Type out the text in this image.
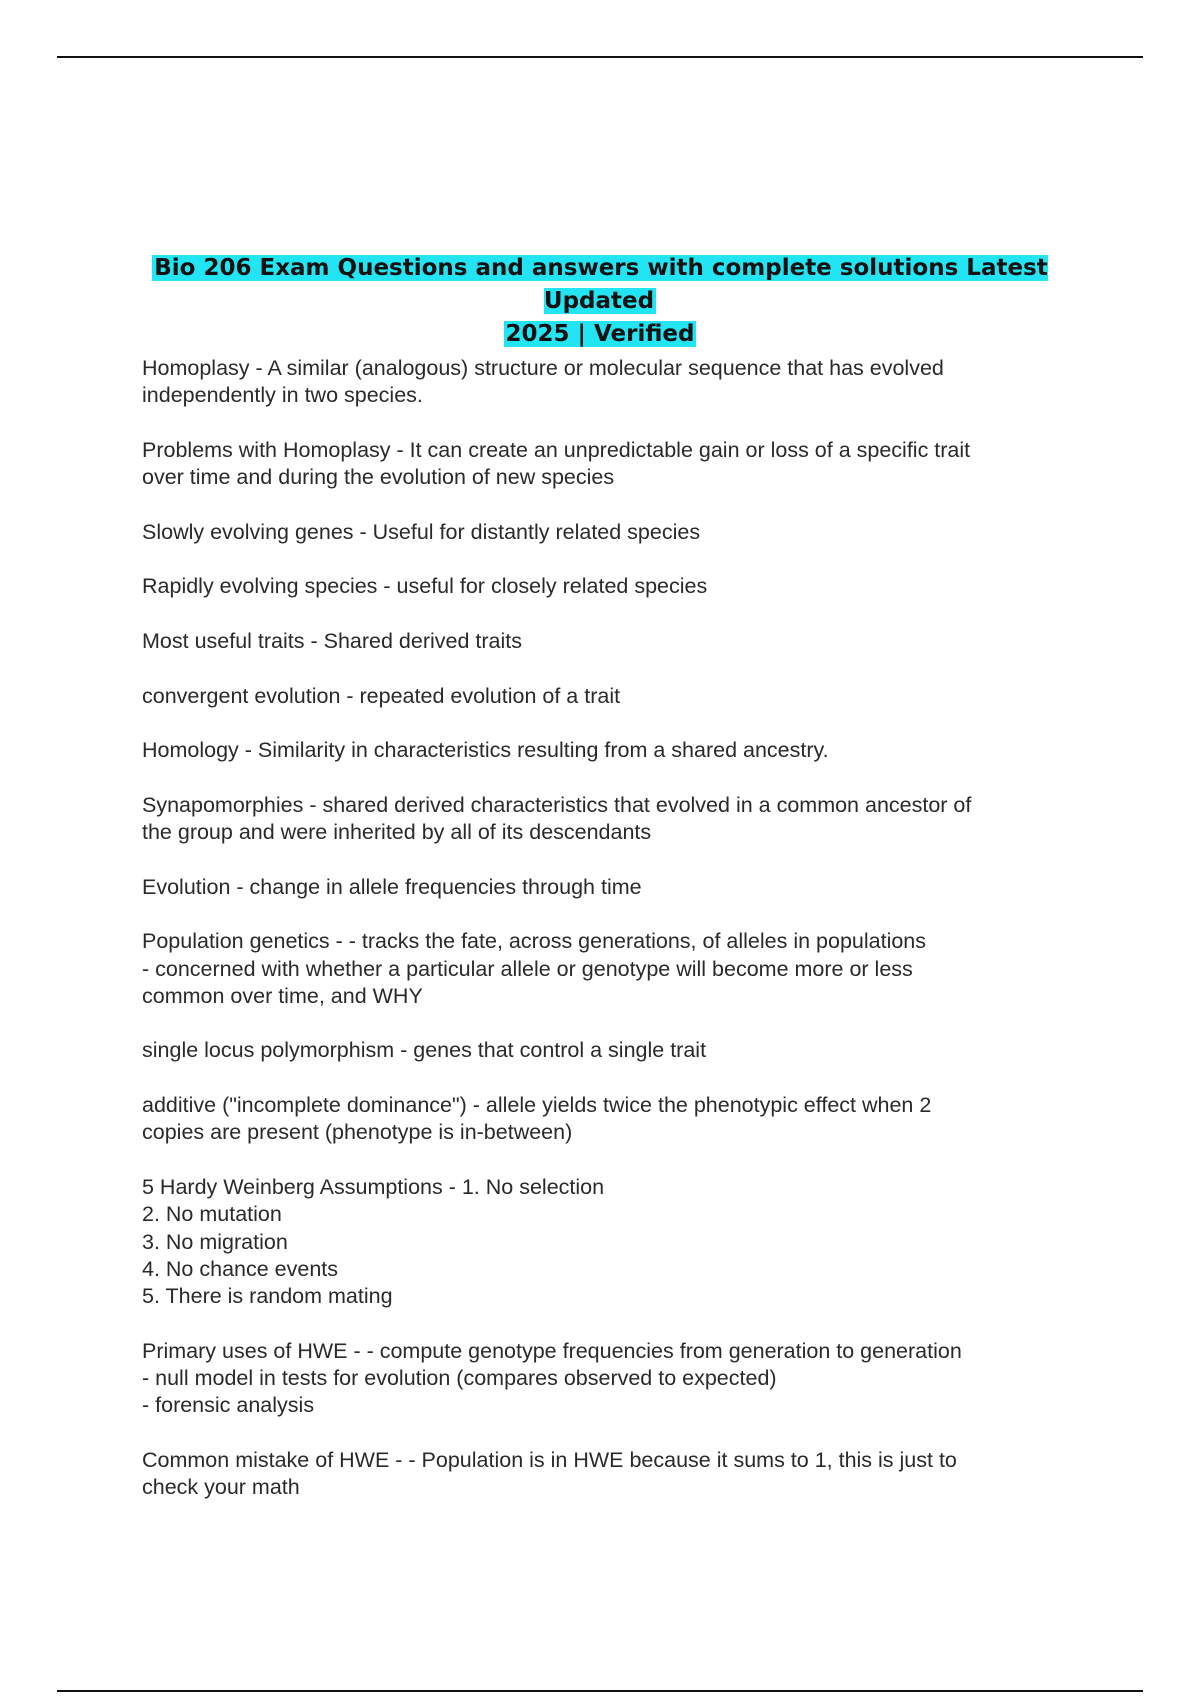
Bio 206 Exam Questions and answers with complete solutions Latest Updated
2025 | Verified
Homoplasy - A similar (analogous) structure or molecular sequence that has evolved
independently in two species.
Problems with Homoplasy - It can create an unpredictable gain or loss of a specific trait
over time and during the evolution of new species
Slowly evolving genes - Useful for distantly related species
Rapidly evolving species - useful for closely related species
Most useful traits - Shared derived traits
convergent evolution - repeated evolution of a trait
Homology - Similarity in characteristics resulting from a shared ancestry.
Synapomorphies - shared derived characteristics that evolved in a common ancestor of
the group and were inherited by all of its descendants
Evolution - change in allele frequencies through time
Population genetics - - tracks the fate, across generations, of alleles in populations
- concerned with whether a particular allele or genotype will become more or less
common over time, and WHY
single locus polymorphism - genes that control a single trait
additive ("incomplete dominance") - allele yields twice the phenotypic effect when 2
copies are present (phenotype is in-between)
5 Hardy Weinberg Assumptions - 1. No selection
2. No mutation
3. No migration
4. No chance events
5. There is random mating
Primary uses of HWE - - compute genotype frequencies from generation to generation
- null model in tests for evolution (compares observed to expected)
- forensic analysis
Common mistake of HWE - - Population is in HWE because it sums to 1, this is just to
check your math
